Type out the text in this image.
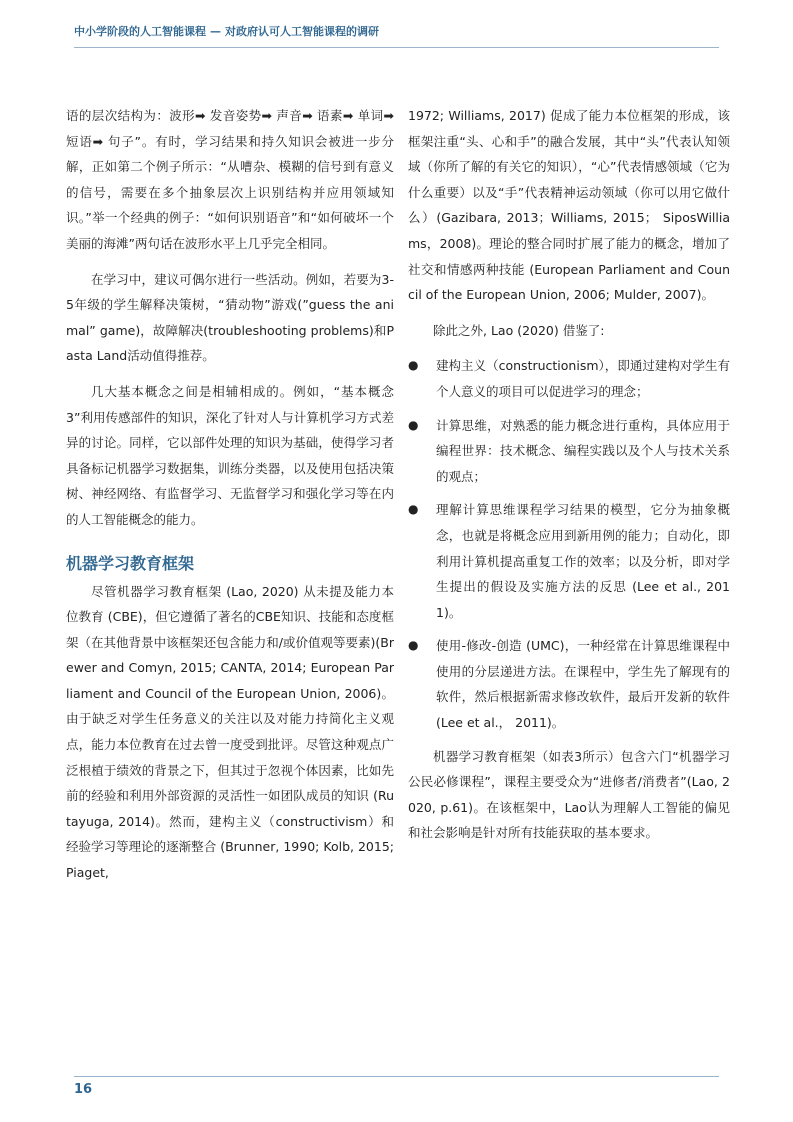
中小学阶段的人工智能课程 — 对政府认可人工智能课程的调研

语的层次结构为：波形➡ 发音姿势➡ 声音➡ 语素➡ 单词➡ 短语➡ 句子”。有时，学习结果和持久知识会被进一步分解，正如第二个例子所示：“从嘈杂、模糊的信号到有意义的信号，需要在多个抽象层次上识别结构并应用领域知识。”举一个经典的例子：“如何识别语音”和“如何破坏一个美丽的海滩”两句话在波形水平上几乎完全相同。

在学习中，建议可偶尔进行一些活动。例如，若要为3-5年级的学生解释决策树，“猜动物”游戏(”guess the animal” game)，故障解决(troubleshooting problems)和Pasta Land活动值得推荐。

几大基本概念之间是相辅相成的。例如，“基本概念3”利用传感部件的知识，深化了针对人与计算机学习方式差异的讨论。同样，它以部件处理的知识为基础，使得学习者具备标记机器学习数据集，训练分类器，以及使用包括决策树、神经网络、有监督学习、无监督学习和强化学习等在内的人工智能概念的能力。

机器学习教育框架

尽管机器学习教育框架 (Lao, 2020) 从未提及能力本位教育 (CBE)，但它遵循了著名的CBE知识、技能和态度框架（在其他背景中该框架还包含能力和/或价值观等要素)(Brewer and Comyn, 2015; CANTA, 2014; European Parliament and Council of the European Union, 2006)。由于缺乏对学生任务意义的关注以及对能力持简化主义观点，能力本位教育在过去曾一度受到批评。尽管这种观点广泛根植于绩效的背景之下，但其过于忽视个体因素，比如先前的经验和利用外部资源的灵活性一如团队成员的知识 (Rutayuga, 2014)。然而，建构主义（constructivism）和经验学习等理论的逐渐整合 (Brunner, 1990; Kolb, 2015; Piaget,

1972; Williams, 2017) 促成了能力本位框架的形成，该框架注重“头、心和手”的融合发展，其中“头”代表认知领域（你所了解的有关它的知识），“心”代表情感领域（它为什么重要）以及“手”代表精神运动领域（你可以用它做什么）(Gazibara, 2013；Williams, 2015； SiposWilliams，2008)。理论的整合同时扩展了能力的概念，增加了社交和情感两种技能 (European Parliament and Council of the European Union, 2006; Mulder, 2007)。

除此之外, Lao (2020) 借鉴了:

● 建构主义（constructionism），即通过建构对学生有个人意义的项目可以促进学习的理念；
● 计算思维，对熟悉的能力概念进行重构，具体应用于编程世界：技术概念、编程实践以及个人与技术关系的观点；
● 理解计算思维课程学习结果的模型，它分为抽象概念，也就是将概念应用到新用例的能力；自动化，即利用计算机提高重复工作的效率；以及分析，即对学生提出的假设及实施方法的反思 (Lee et al., 2011)。
● 使用-修改-创造 (UMC)，一种经常在计算思维课程中使用的分层递进方法。在课程中，学生先了解现有的软件，然后根据新需求修改软件，最后开发新的软件 (Lee et al.， 2011)。

机器学习教育框架（如表3所示）包含六门“机器学习公民必修课程”，课程主要受众为“进修者/消费者”(Lao, 2020, p.61)。在该框架中，Lao认为理解人工智能的偏见和社会影响是针对所有技能获取的基本要求。

16
